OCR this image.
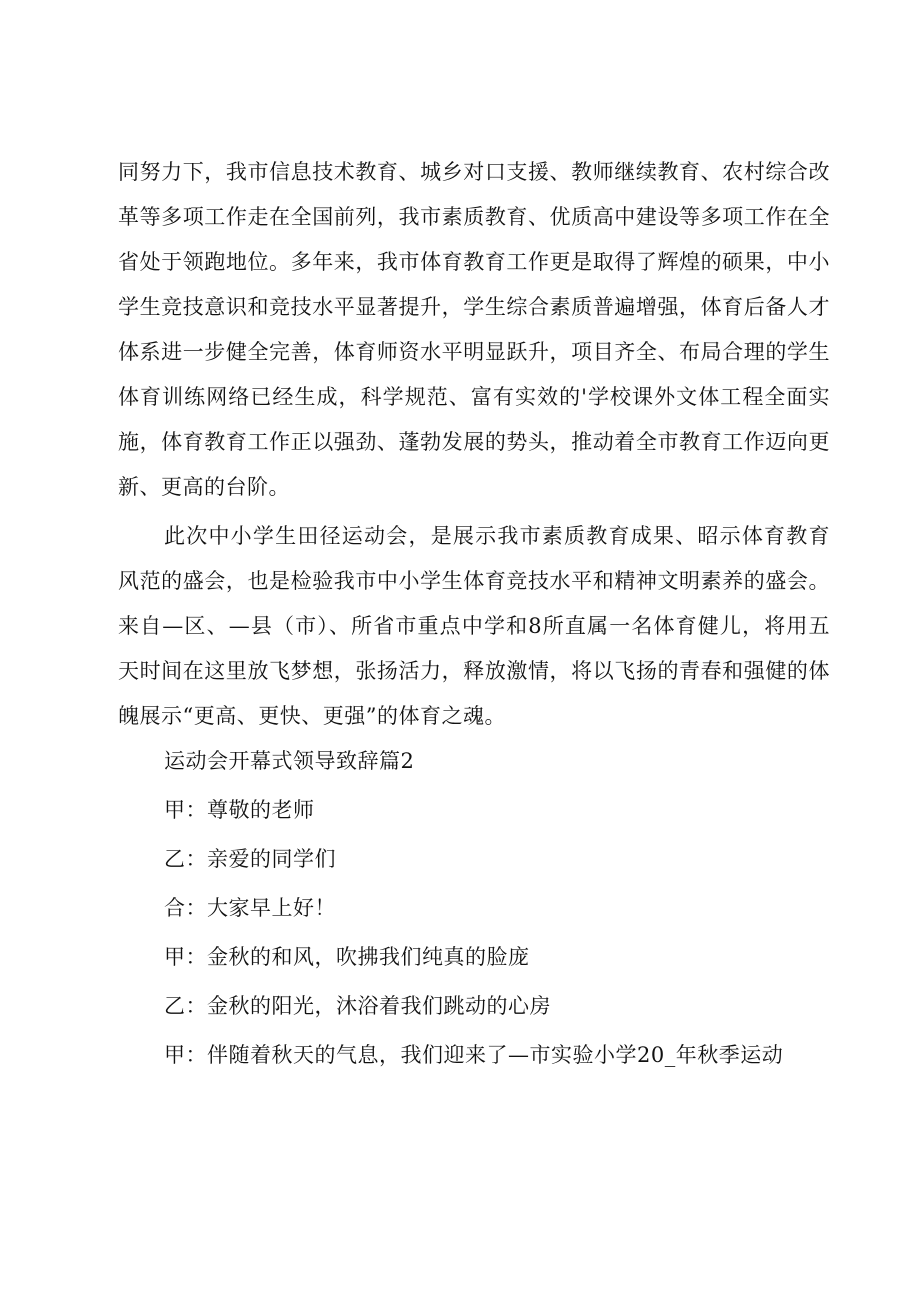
同努力下，我市信息技术教育、城乡对口支援、教师继续教育、农村综合改革等多项工作走在全国前列，我市素质教育、优质高中建设等多项工作在全省处于领跑地位。多年来，我市体育教育工作更是取得了辉煌的硕果，中小学生竞技意识和竞技水平显著提升，学生综合素质普遍增强，体育后备人才体系进一步健全完善，体育师资水平明显跃升，项目齐全、布局合理的学生体育训练网络已经生成，科学规范、富有实效的'学校课外文体工程全面实施，体育教育工作正以强劲、蓬勃发展的势头，推动着全市教育工作迈向更新、更高的台阶。

此次中小学生田径运动会，是展示我市素质教育成果、昭示体育教育风范的盛会，也是检验我市中小学生体育竞技水平和精神文明素养的盛会。来自—区、—县（市）、所省市重点中学和8所直属一名体育健儿，将用五天时间在这里放飞梦想，张扬活力，释放激情，将以飞扬的青春和强健的体魄展示“更高、更快、更强”的体育之魂。

运动会开幕式领导致辞篇2

甲：尊敬的老师

乙：亲爱的同学们

合：大家早上好！

甲：金秋的和风，吹拂我们纯真的脸庞

乙：金秋的阳光，沐浴着我们跳动的心房

甲：伴随着秋天的气息，我们迎来了—市实验小学20_年秋季运动
